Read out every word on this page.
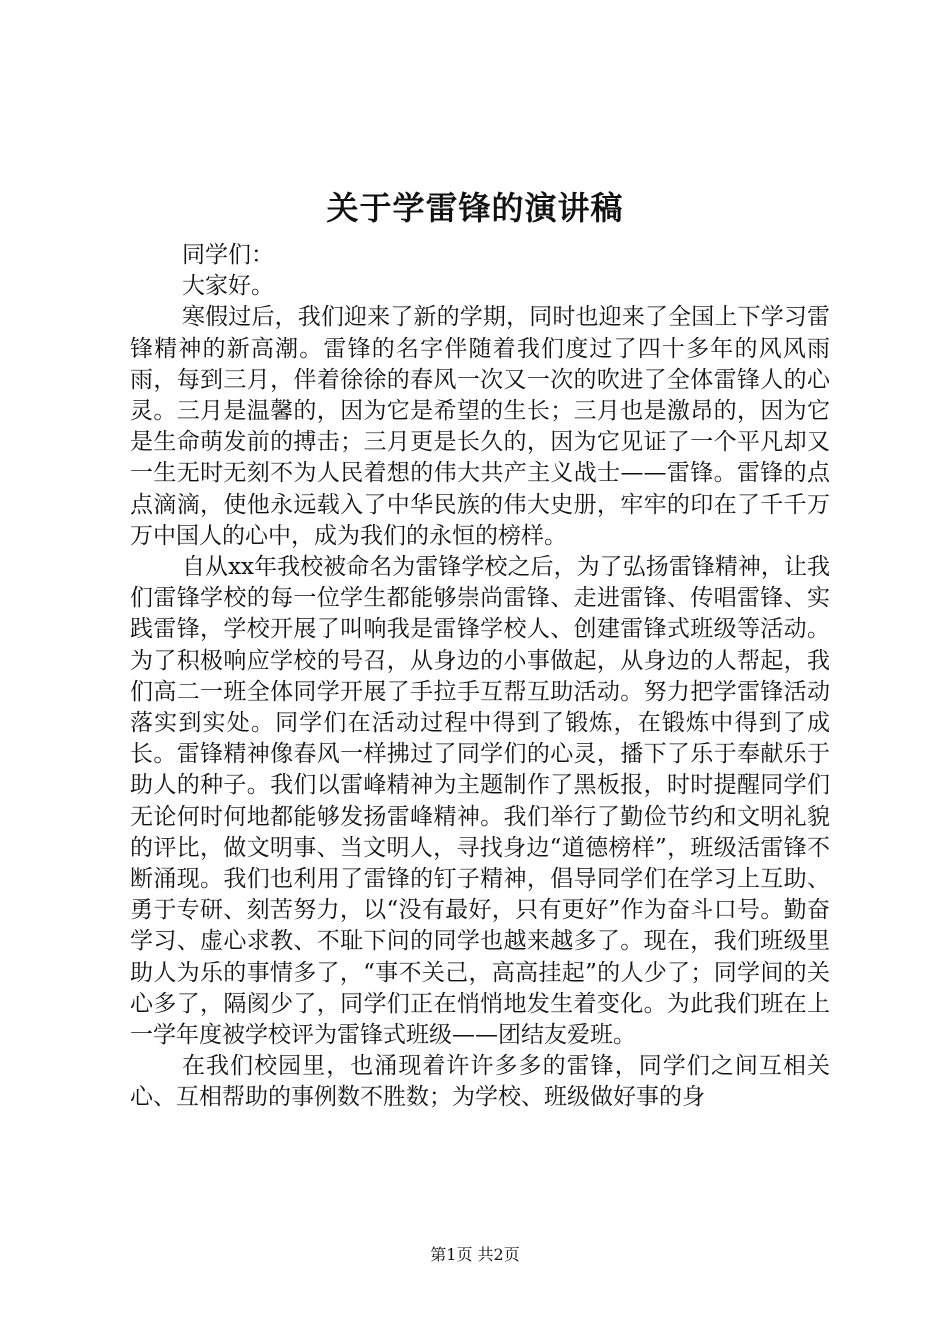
关于学雷锋的演讲稿

同学们：

大家好。

寒假过后，我们迎来了新的学期，同时也迎来了全国上下学习雷锋精神的新高潮。雷锋的名字伴随着我们度过了四十多年的风风雨雨，每到三月，伴着徐徐的春风一次又一次的吹进了全体雷锋人的心灵。三月是温馨的，因为它是希望的生长；三月也是激昂的，因为它是生命萌发前的搏击；三月更是长久的，因为它见证了一个平凡却又一生无时无刻不为人民着想的伟大共产主义战士——雷锋。雷锋的点点滴滴，使他永远载入了中华民族的伟大史册，牢牢的印在了千千万万中国人的心中，成为我们的永恒的榜样。

自从xx年我校被命名为雷锋学校之后，为了弘扬雷锋精神，让我们雷锋学校的每一位学生都能够崇尚雷锋、走进雷锋、传唱雷锋、实践雷锋，学校开展了叫响我是雷锋学校人、创建雷锋式班级等活动。为了积极响应学校的号召，从身边的小事做起，从身边的人帮起，我们高二一班全体同学开展了手拉手互帮互助活动。努力把学雷锋活动落实到实处。同学们在活动过程中得到了锻炼，在锻炼中得到了成长。雷锋精神像春风一样拂过了同学们的心灵，播下了乐于奉献乐于助人的种子。我们以雷峰精神为主题制作了黑板报，时时提醒同学们无论何时何地都能够发扬雷峰精神。我们举行了勤俭节约和文明礼貌的评比，做文明事、当文明人，寻找身边“道德榜样”，班级活雷锋不断涌现。我们也利用了雷锋的钉子精神，倡导同学们在学习上互助、勇于专研、刻苦努力，以“没有最好，只有更好”作为奋斗口号。勤奋学习、虚心求教、不耻下问的同学也越来越多了。现在，我们班级里助人为乐的事情多了，“事不关己，高高挂起”的人少了；同学间的关心多了，隔阂少了，同学们正在悄悄地发生着变化。为此我们班在上一学年度被学校评为雷锋式班级——团结友爱班。

在我们校园里，也涌现着许许多多的雷锋，同学们之间互相关心、互相帮助的事例数不胜数；为学校、班级做好事的身

第1页 共2页
